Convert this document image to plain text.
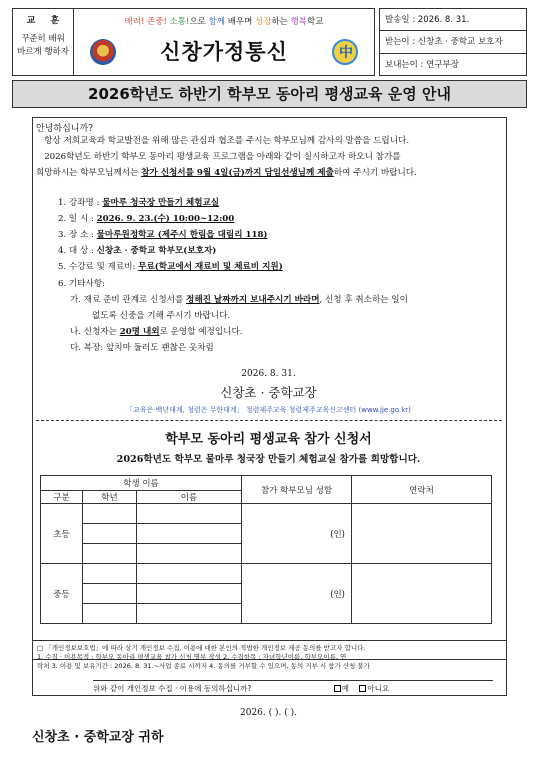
교 훈
꾸준히 배워
바르게 행하자
배려! 존중! 소통!으로 함께 배우며 성장하는 행복학교
신창가정통신
中
발송일 : 2026. 8. 31.
받는이 : 신창초 · 중학교 보호자
보내는이 : 연구부장
2026학년도 하반기 학부모 동아리 평생교육 운영 안내
안녕하십니까?
항상 저희교육과 학교발전을 위해 많은 관심과 협조를 주시는 학부모님께 감사의 말씀을 드립니다.
2026학년도 하반기 학부모 동아리 평생교육 프로그램을 아래와 같이 실시하고자 하오니 참가를
희망하시는 학부모님께서는 참가 신청서를 9월 4일(금)까지 담임선생님께 제출하여 주시기 바랍니다.
1. 강좌명 : 물마루 청국장 만들기 체험교실
2. 일 시 : 2026. 9. 23.(수) 10:00~12:00
3. 장 소 : 물마루원정학교 (제주시 한림읍 대림리 118)
4. 대 상 : 신창초 · 중학교 학부모(보호자)
5. 수강료 및 재료비: 무료(학교에서 재료비 및 체료비 지원)
6. 기타사항:
가. 재료 준비 관계로 신청서를 정해진 날짜까지 보내주시기 바라며, 신청 후 취소하는 일이
없도록 신중을 기해 주시기 바랍니다.
나. 신청자는 20명 내외로 운영할 예정입니다.
다. 복장: 앞치마 둘러도 괜찮은 옷차림
2026. 8. 31.
신창초 · 중학교장
「교육은 백년대계, 청렴은 무한대계」 청렴제주교육 청렴제주교육신고센터 (www.jje.go.kr)
학부모 동아리 평생교육 참가 신청서
2026학년도 학부모 물마루 청국장 만들기 체험교실 참가를 희망합니다.
학생 이름			참가 학부모님 성함	연락처
구분	학년	이름		
초등			(인)	

중등			(인)	

□ 「개인정보보호법」에 따라 상기 개인정보 수집, 이용에 대한 본인의 적법한 개인정보 제공 동의를 받고자 합니다.
1. 수집 · 이용목적 : 학부모 동아리 평생교육 참가 신청 명부 작성 2. 수집항목 : 자녀학년이름, 학부모이름, 연
락처 3. 이용 및 보유기간 : 2026. 8. 31.~사업 종료 시까지 4. 동의를 거부할 수 있으며, 동의 거부 시 참가 신청 불가
위와 같이 개인정보 수집 · 이용에 동의하십니까?	예 아니요
2026. ( ). ( ).
신창초 · 중학교장 귀하
